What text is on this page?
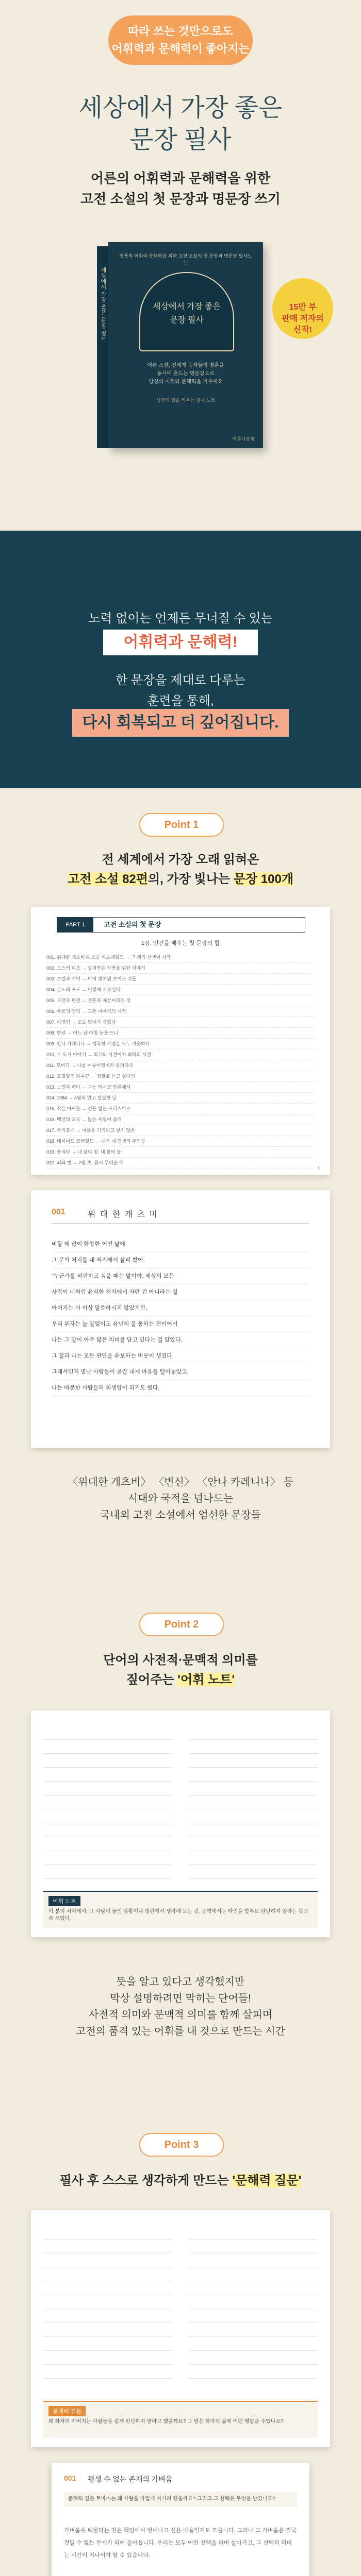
따라 쓰는 것만으로도
어휘력과 문해력이 좋아지는
세상에서 가장 좋은
문장 필사
어른의 어휘력과 문해력을 위한
고전 소설의 첫 문장과 명문장 쓰기
세상에서 가장 좋은 문장 필사
명품의 어휘와 문해력을 위한 고전 소설의 첫 문장과 명문장 필사노트
세상에서 가장 좋은
문장 필사
어른 소설, 전세계 독자들의 영혼을
동시에 흔드는 명문장으로
당신의 어휘와 문해력을 키우세요
생각의 힘을 키우는 필사 노트
아름다운북

15만 부
판매 저자의
신작!

노력 없이는 언제든 무너질 수 있는
어휘력과 문해력!
한 문장을 제대로 다루는
훈련을 통해,
다시 회복되고 더 깊어집니다.
Point 1
전 세계에서 가장 오래 읽혀온
고전 소설 82편의, 가장 빛나는 문장 100개
PART 1	고전 소설의 첫 문장
1장. 인간을 배우는 첫 문장의 힘
001. 위대한 개츠비 F. 스콧 피츠제럴드 → 그 해의 선생이 시작
002. 도스키 피츠 → 상처받은 자만을 위한 이야기
003. 조얼과 거미 → 마치 빛처럼 보이는 것들
004. 분노의 포도 → 이렇게 시작된다
005. 오만과 편견 → 결혼과 재산이라는 것
006. 폭풍의 언덕 → 모든 이야기의 시작
007. 이방인 → 오늘 엄마가 죽었다
008. 변신 → 어느 날 아침 눈을 뜨니
009. 안나 카레니나 → 행복한 가정은 모두 비슷하다
010. 두 도시 이야기 → 최고의 시절이자 최악의 시절
011. 모비딕 → 나를 이슈마엘이라 불러다오
012. 호밀밭의 파수꾼 → 정말로 듣고 싶다면
013. 노인과 바다 → 그는 멕시코 만류에서
014. 1984 → 4월의 맑고 쌀쌀한 날
015. 작은 아씨들 → 선물 없는 크리스마스
016. 백년의 고독 → 많은 세월이 흘러
017. 돈키호테 → 이름을 기억하고 싶지 않은
018. 데이비드 코퍼필드 → 내가 내 인생의 주인공
019. 롤리타 → 내 삶의 빛, 내 몸의 불
020. 죄와 벌 → 7월 초, 몹시 무더운 때
5
001	위 대 한 개 츠 비
비할 데 없이 화창한 어떤 날에
그 분의 처지를 내 처지에서 살펴 봤어.
"누군가를 비판하고 싶을 때는 말이야, 세상의 모든
사람이 너처럼 유리한 처지에서 자란 건 아니라는 걸
아버지는 더 이상 말씀하시지 않았지만,
우리 부자는 늘 말없이도 유난히 잘 통하는 편이어서
나는 그 말이 아주 많은 의미를 담고 있다는 걸 알았다.
그 결과 나는 모든 판단을 유보하는 버릇이 생겼다.
그래서인지 별난 사람들이 곧잘 내게 마음을 털어놓았고,
나는 따분한 사람들의 희생양이 되기도 했다.
〈위대한 개츠비〉 〈변신〉 〈안나 카레니나〉 등
시대와 국적을 넘나드는
국내외 고전 소설에서 엄선한 문장들
Point 2
단어의 사전적·문맥적 의미를
짚어주는 '어휘 노트'
어휘 노트
이 분의 처지에서: 그 사람이 놓인 상황이나 형편에서 생각해 보는 것. 문맥에서는 타인을 함부로 판단하지 말라는 뜻으로 쓰였다.
뜻을 알고 있다고 생각했지만
막상 설명하려면 막히는 단어들!
사전적 의미와 문맥적 의미를 함께 살피며
고전의 품격 있는 어휘를 내 것으로 만드는 시간
Point 3
필사 후 스스로 생각하게 만드는 '문해력 질문'
문해력 질문
왜 화자의 아버지는 사람들을 쉽게 판단하지 말라고 했을까요? 그 말은 화자의 삶에 어떤 영향을 주었나요?
001 평생 수 없는 존재의 가벼움
문해력 질문 토마스는 왜 사랑을 가볍게 여기려 했을까요? 그리고 그 선택은 무엇을 남겼나요?
가벼움을 택한다는 것은 책임에서 벗어나고 싶은 마음일지도 모릅니다. 그러나 그 가벼움은 결국 견딜 수 없는 무게가 되어 돌아옵니다. 우리는 모두 어떤 선택을 하며 살아가고, 그 선택의 의미는 시간이 지나서야 알 수 있습니다.
